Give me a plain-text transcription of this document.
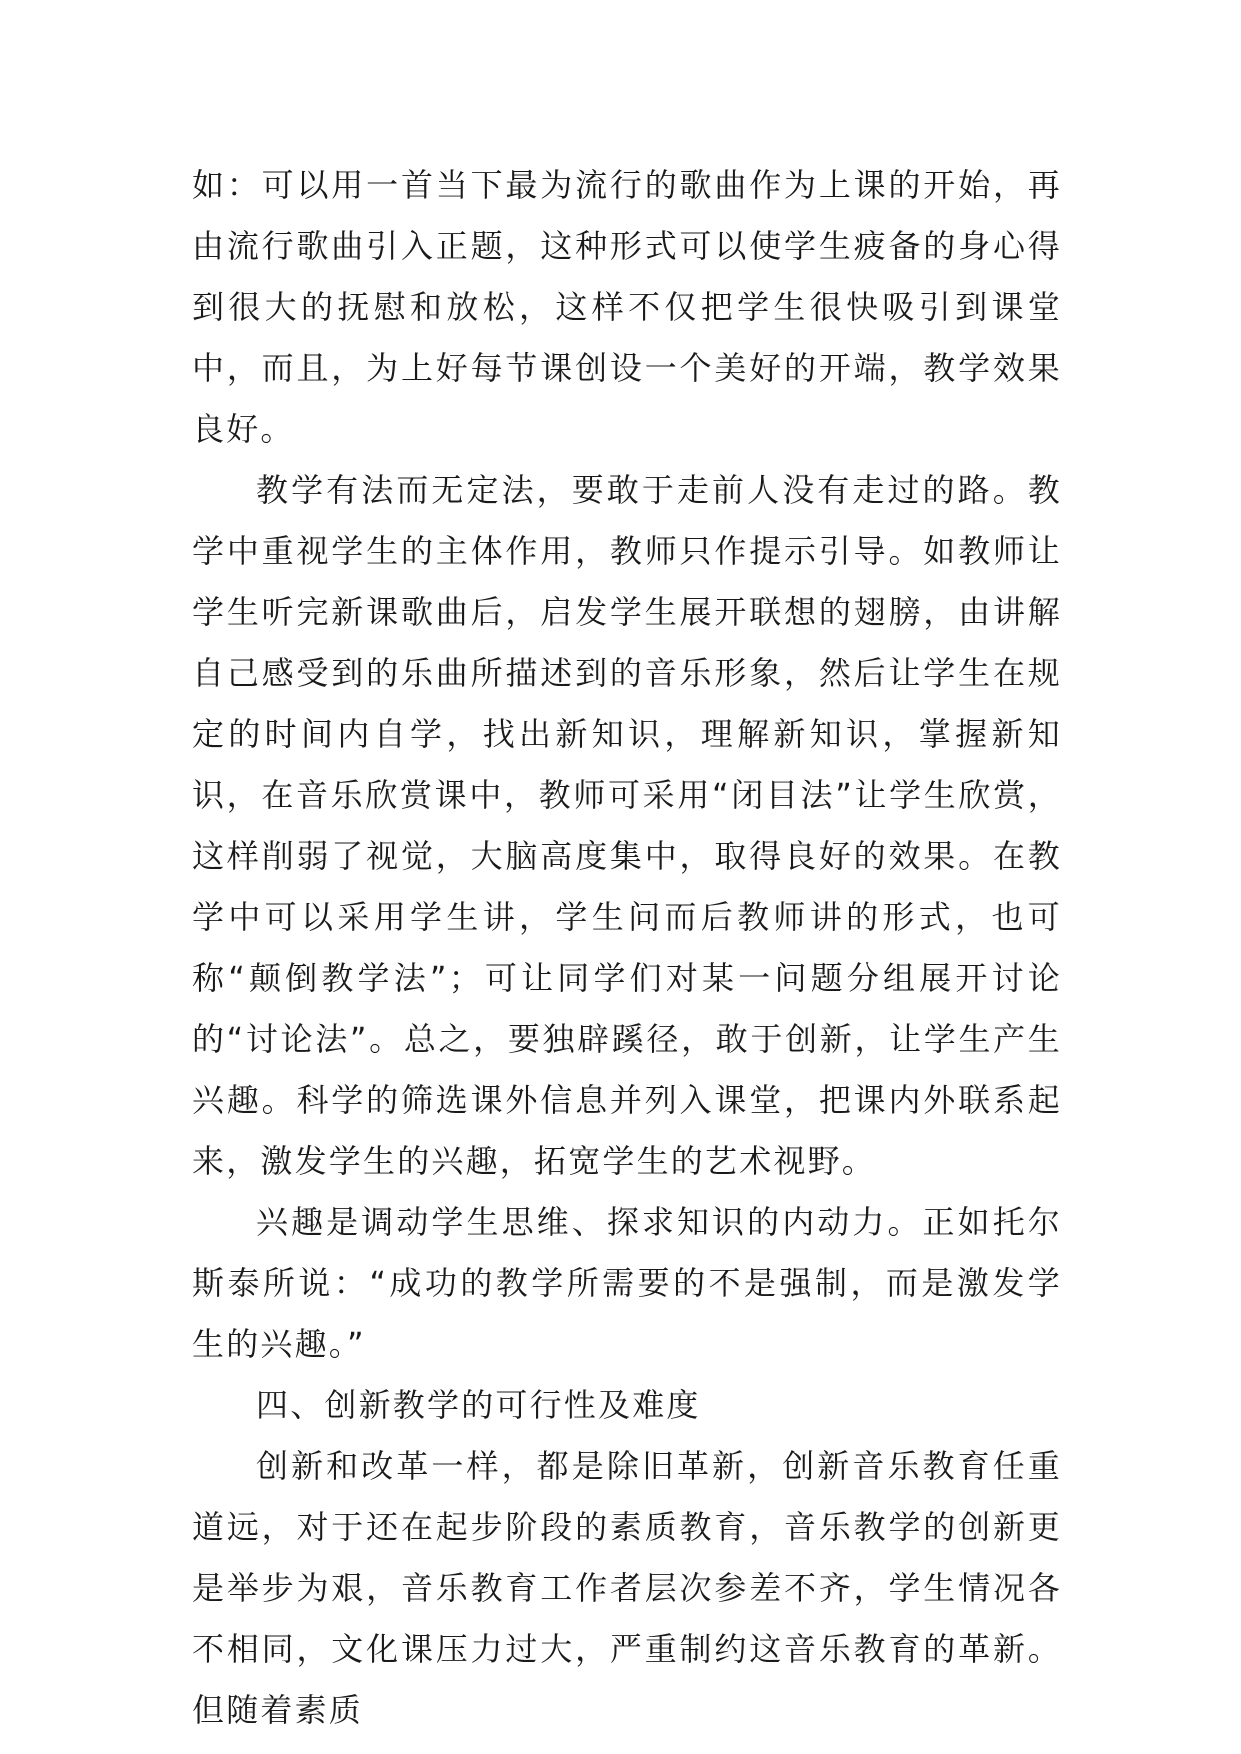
如：可以用一首当下最为流行的歌曲作为上课的开始，再由流行歌曲引入正题，这种形式可以使学生疲备的身心得到很大的抚慰和放松，这样不仅把学生很快吸引到课堂中，而且，为上好每节课创设一个美好的开端，教学效果良好。

教学有法而无定法，要敢于走前人没有走过的路。教学中重视学生的主体作用，教师只作提示引导。如教师让学生听完新课歌曲后，启发学生展开联想的翅膀，由讲解自己感受到的乐曲所描述到的音乐形象，然后让学生在规定的时间内自学，找出新知识，理解新知识，掌握新知识，在音乐欣赏课中，教师可采用“闭目法”让学生欣赏，这样削弱了视觉，大脑高度集中，取得良好的效果。在教学中可以采用学生讲，学生问而后教师讲的形式，也可称“颠倒教学法”；可让同学们对某一问题分组展开讨论的“讨论法”。总之，要独辟蹊径，敢于创新，让学生产生兴趣。科学的筛选课外信息并列入课堂，把课内外联系起来，激发学生的兴趣，拓宽学生的艺术视野。

兴趣是调动学生思维、探求知识的内动力。正如托尔斯泰所说：“成功的教学所需要的不是强制，而是激发学生的兴趣。”

四、创新教学的可行性及难度

创新和改革一样，都是除旧革新，创新音乐教育任重道远，对于还在起步阶段的素质教育，音乐教学的创新更是举步为艰，音乐教育工作者层次参差不齐，学生情况各不相同，文化课压力过大，严重制约这音乐教育的革新。但随着素质
